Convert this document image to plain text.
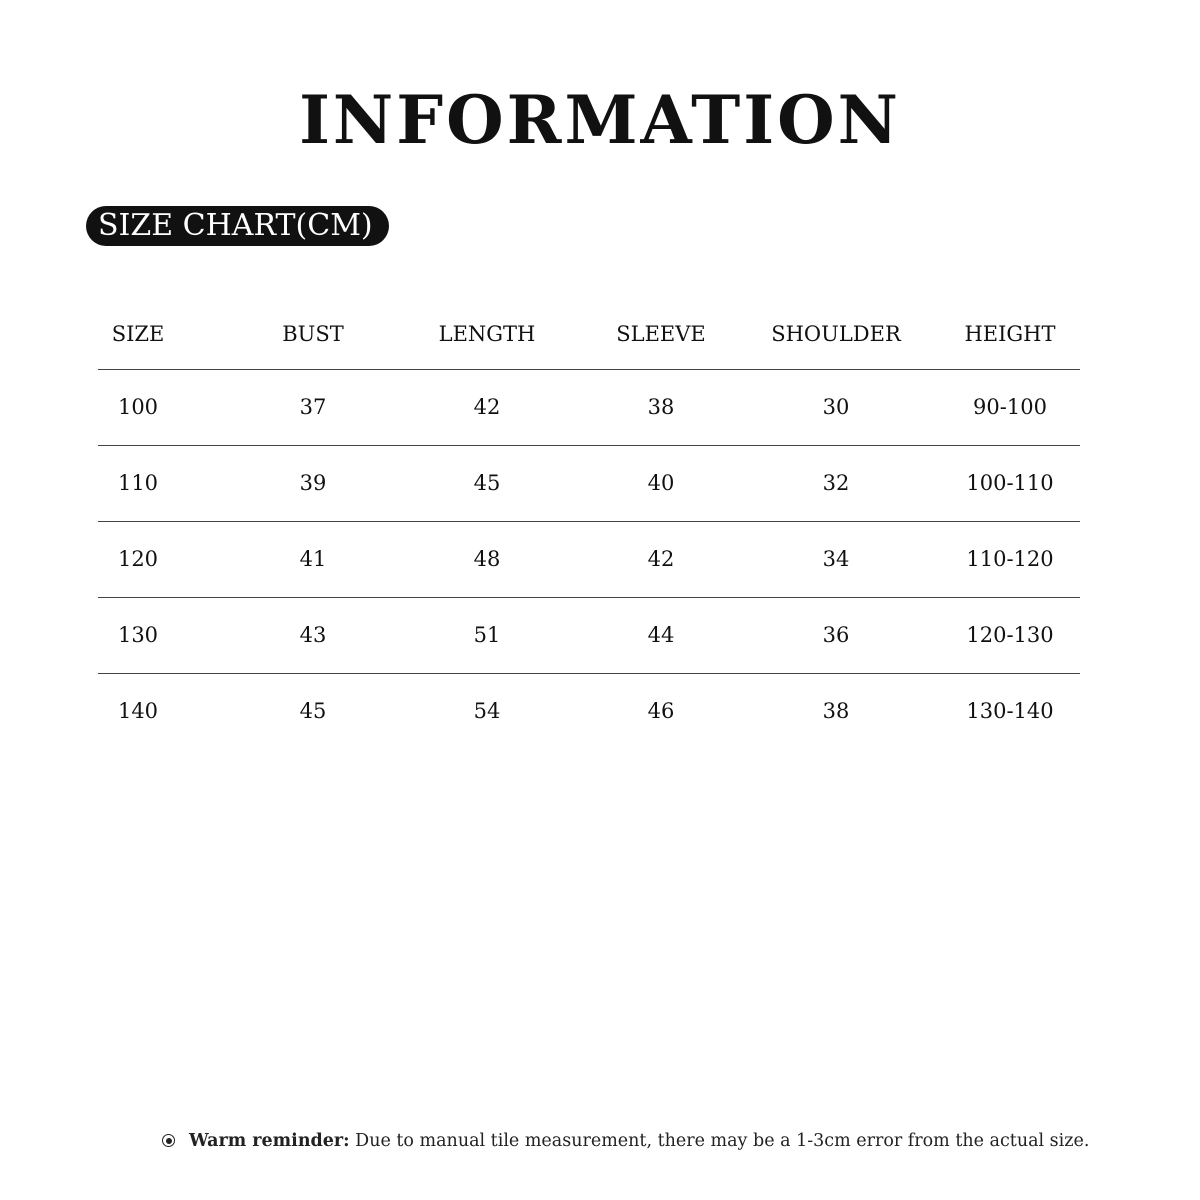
INFORMATION
SIZE CHART(CM)
SIZE	BUST	LENGTH	SLEEVE	SHOULDER	HEIGHT
100	37	42	38	30	90-100
110	39	45	40	32	100-110
120	41	48	42	34	110-120
130	43	51	44	36	120-130
140	45	54	46	38	130-140
Warm reminder: Due to manual tile measurement, there may be a 1-3cm error from the actual size.
